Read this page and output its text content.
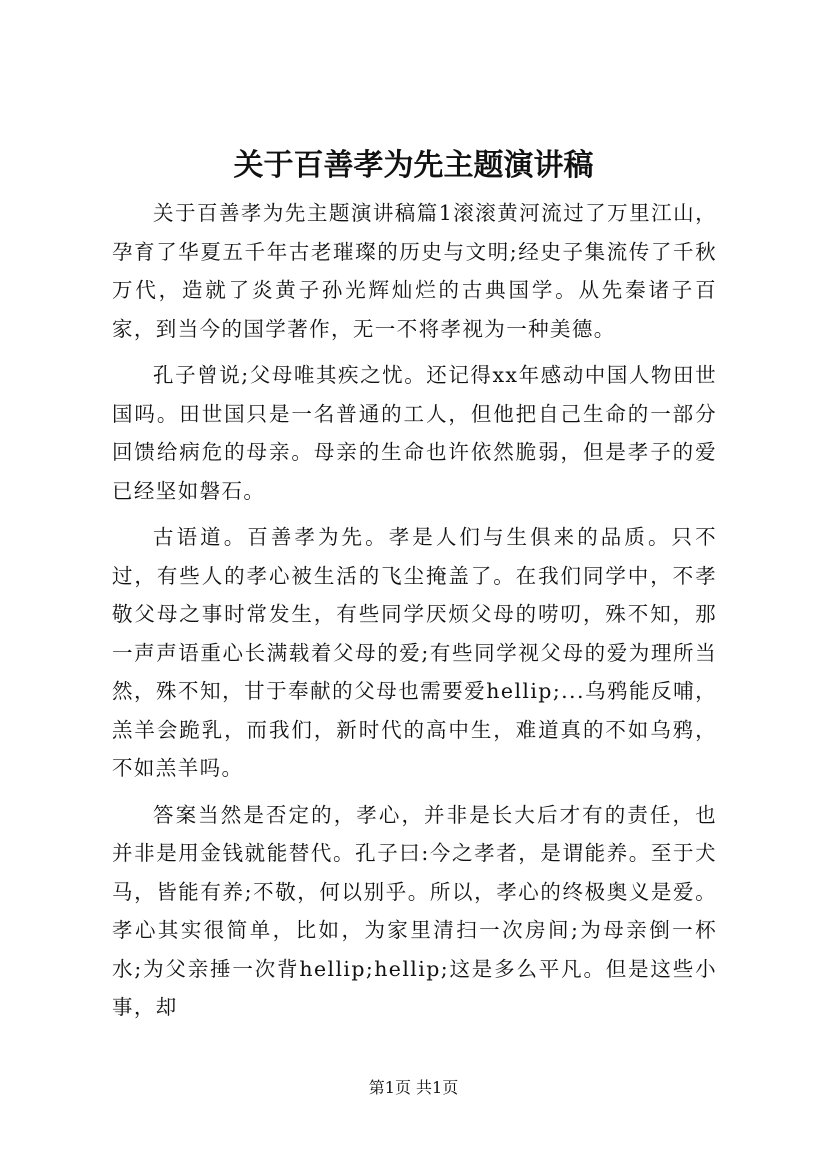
关于百善孝为先主题演讲稿

关于百善孝为先主题演讲稿篇1滚滚黄河流过了万里江山，孕育了华夏五千年古老璀璨的历史与文明;经史子集流传了千秋万代，造就了炎黄子孙光辉灿烂的古典国学。从先秦诸子百家，到当今的国学著作，无一不将孝视为一种美德。

孔子曾说;父母唯其疾之忧。还记得xx年感动中国人物田世国吗。田世国只是一名普通的工人，但他把自己生命的一部分回馈给病危的母亲。母亲的生命也许依然脆弱，但是孝子的爱已经坚如磐石。

古语道。百善孝为先。孝是人们与生俱来的品质。只不过，有些人的孝心被生活的飞尘掩盖了。在我们同学中，不孝敬父母之事时常发生，有些同学厌烦父母的唠叨，殊不知，那一声声语重心长满载着父母的爱;有些同学视父母的爱为理所当然，殊不知，甘于奉献的父母也需要爱hellip;...乌鸦能反哺，羔羊会跪乳，而我们，新时代的高中生，难道真的不如乌鸦，不如羔羊吗。

答案当然是否定的，孝心，并非是长大后才有的责任，也并非是用金钱就能替代。孔子曰:今之孝者，是谓能养。至于犬马，皆能有养;不敬，何以别乎。所以，孝心的终极奥义是爱。孝心其实很简单，比如，为家里清扫一次房间;为母亲倒一杯水;为父亲捶一次背hellip;hellip;这是多么平凡。但是这些小事，却

第1页 共1页
